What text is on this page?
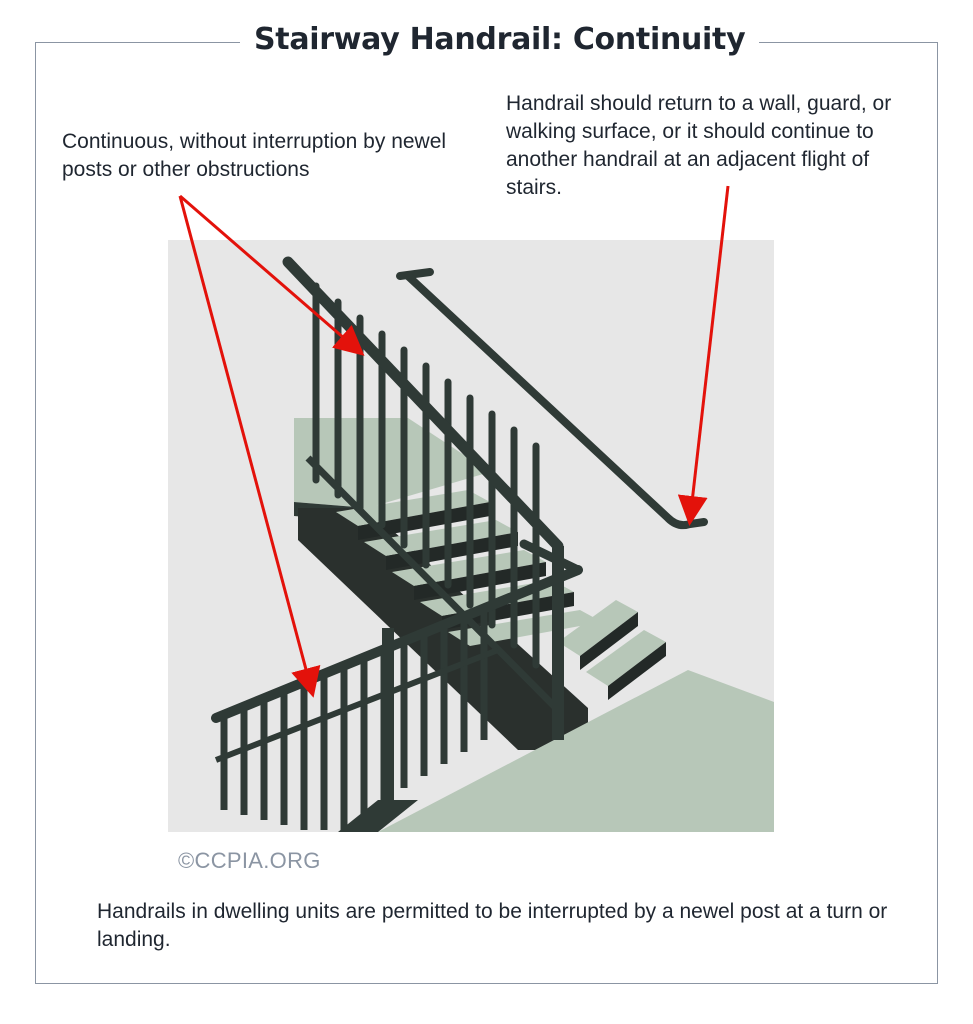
Stairway Handrail: Continuity
Continuous, without interruption by newel posts or other obstructions
Handrail should return to a wall, guard, or walking surface, or it should continue to another handrail at an adjacent flight of stairs.
©CCPIA.ORG
Handrails in dwelling units are permitted to be interrupted by a newel post at a turn or landing.
